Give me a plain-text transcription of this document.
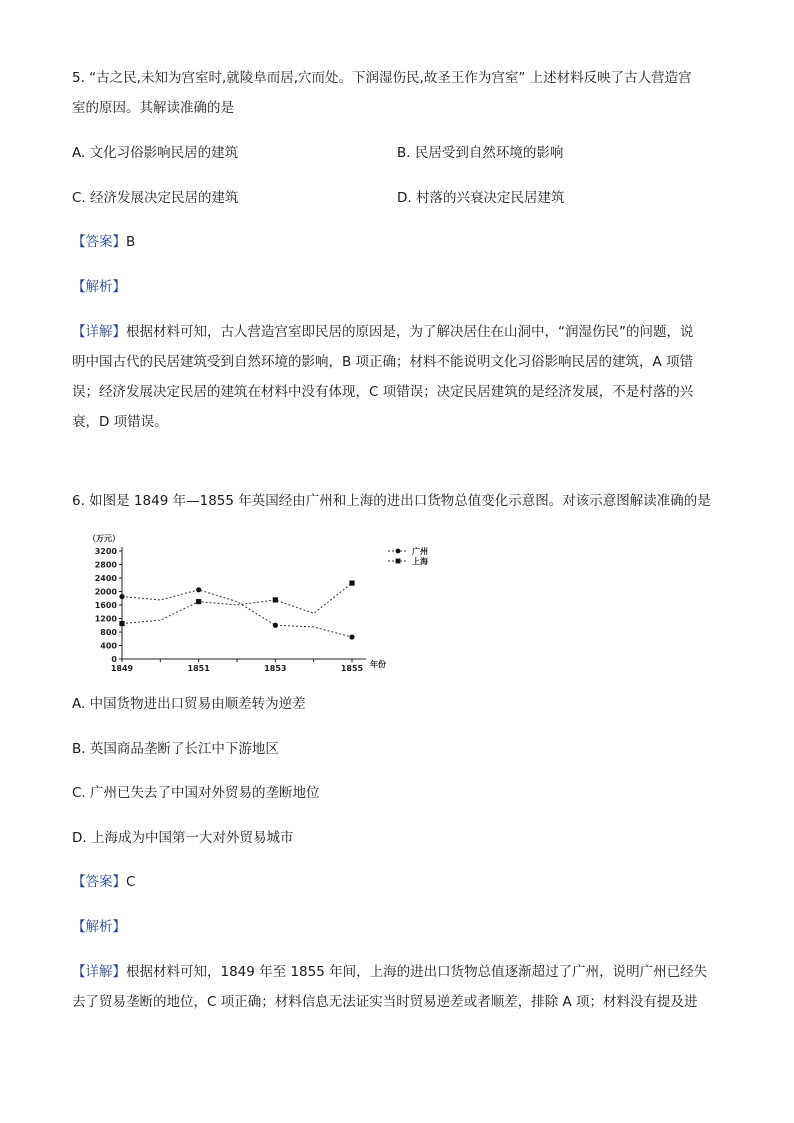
5. “古之民,未知为宫室时,就陵阜而居,穴而处。下润湿伤民,故圣王作为宫室” 上述材料反映了古人营造宫
室的原因。其解读准确的是
A. 文化习俗影响民居的建筑	B. 民居受到自然环境的影响
C. 经济发展决定民居的建筑	D. 村落的兴衰决定民居建筑
【答案】B
【解析】
【详解】根据材料可知，古人营造宫室即民居的原因是，为了解决居住在山洞中，“润湿伤民”的问题，说
明中国古代的民居建筑受到自然环境的影响，B 项正确；材料不能说明文化习俗影响民居的建筑，A 项错
误；经济发展决定民居的建筑在材料中没有体现，C 项错误；决定民居建筑的是经济发展，不是村落的兴
衰，D 项错误。
6. 如图是 1849 年—1855 年英国经由广州和上海的进出口货物总值变化示意图。对该示意图解读准确的是
（万元）
0
400
800
1200
1600
2000
2400
2800
3200
1849	1851	1853	1855 年份
广州
上海
A. 中国货物进出口贸易由顺差转为逆差
B. 英国商品垄断了长江中下游地区
C. 广州已失去了中国对外贸易的垄断地位
D. 上海成为中国第一大对外贸易城市
【答案】C
【解析】
【详解】根据材料可知，1849 年至 1855 年间，上海的进出口货物总值逐渐超过了广州，说明广州已经失
去了贸易垄断的地位，C 项正确；材料信息无法证实当时贸易逆差或者顺差，排除 A 项；材料没有提及进
